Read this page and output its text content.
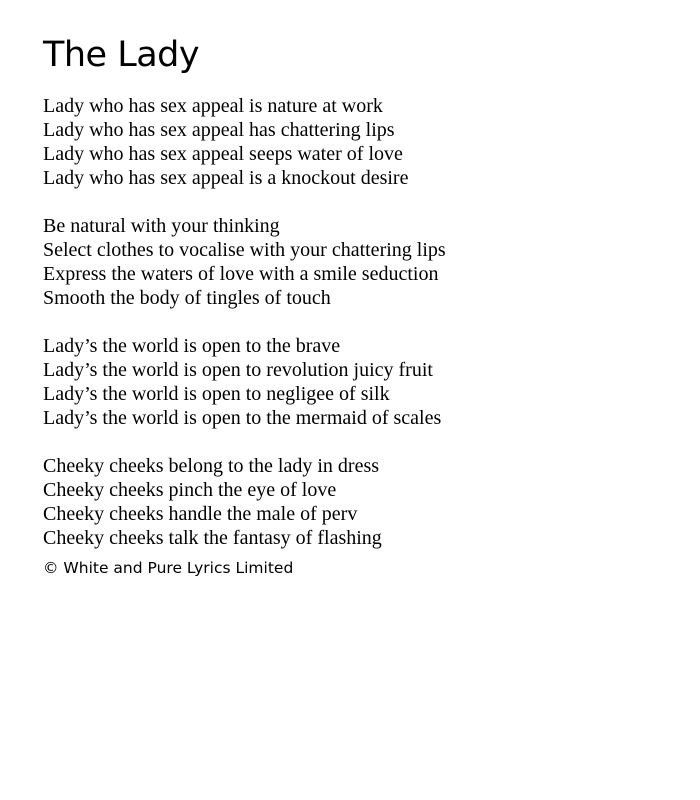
The Lady
Lady who has sex appeal is nature at work
Lady who has sex appeal has chattering lips
Lady who has sex appeal seeps water of love
Lady who has sex appeal is a knockout desire
Be natural with your thinking
Select clothes to vocalise with your chattering lips
Express the waters of love with a smile seduction
Smooth the body of tingles of touch
Lady’s the world is open to the brave
Lady’s the world is open to revolution juicy fruit
Lady’s the world is open to negligee of silk
Lady’s the world is open to the mermaid of scales
Cheeky cheeks belong to the lady in dress
Cheeky cheeks pinch the eye of love
Cheeky cheeks handle the male of perv
Cheeky cheeks talk the fantasy of flashing
© White and Pure Lyrics Limited
